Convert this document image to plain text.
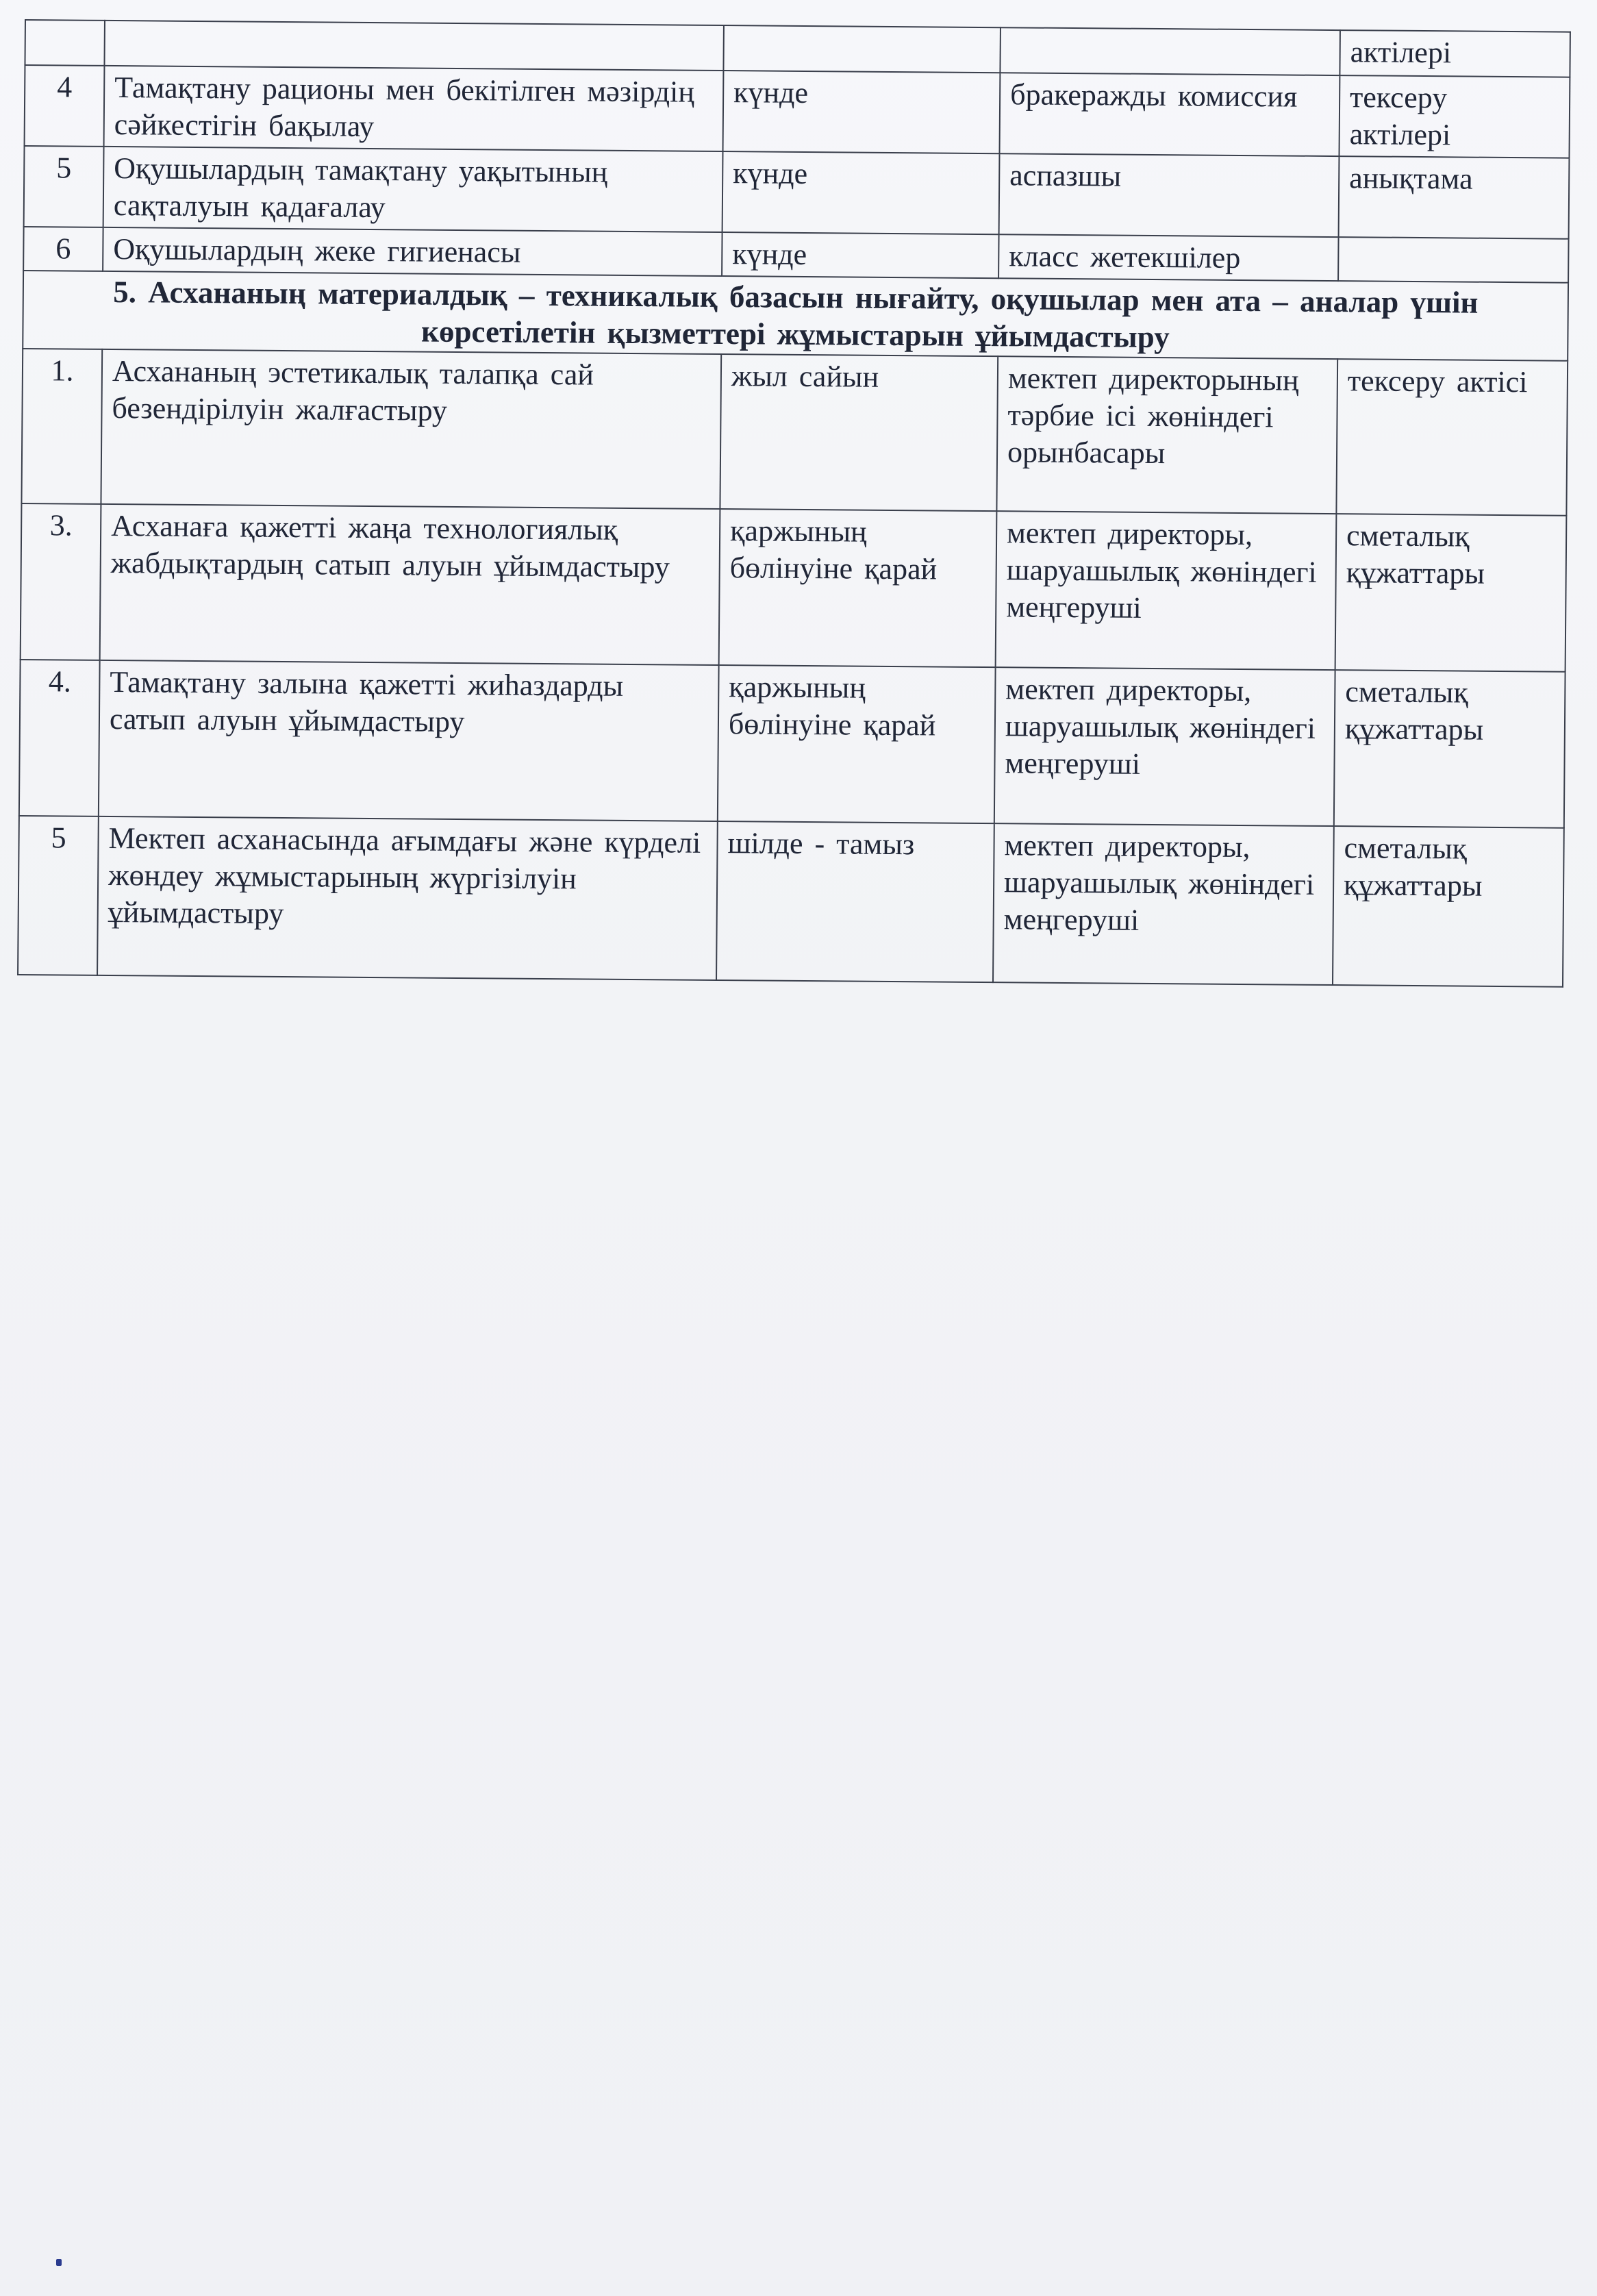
				актілері
4	Тамақтану рационы мен бекітілген мәзірдің сәйкестігін бақылау	күнде	бракеражды комиссия	тексеру актілері
5	Оқушылардың тамақтану уақытының сақталуын қадағалау	күнде	аспазшы	анықтама
6	Оқушылардың жеке гигиенасы	күнде	класс жетекшілер	
5. Асхананың материалдық – техникалық базасын нығайту, оқушылар мен ата – аналар үшін көрсетілетін қызметтері жұмыстарын ұйымдастыру				
1.	Асхананың эстетикалық талапқа сай безендірілуін жалғастыру	жыл сайын	мектеп директорының тәрбие ісі жөніндегі орынбасары	тексеру актісі
3.	Асханаға қажетті жаңа технологиялық жабдықтардың сатып алуын ұйымдастыру	қаржының бөлінуіне қарай	мектеп директоры, шаруашылық жөніндегі меңгеруші	сметалық құжаттары
4.	Тамақтану залына қажетті жиһаздарды сатып алуын ұйымдастыру	қаржының бөлінуіне қарай	мектеп директоры, шаруашылық жөніндегі меңгеруші	сметалық құжаттары
5	Мектеп асханасында ағымдағы және күрделі жөндеу жұмыстарының жүргізілуін ұйымдастыру	шілде - тамыз	мектеп директоры, шаруашылық жөніндегі меңгеруші	сметалық құжаттары
